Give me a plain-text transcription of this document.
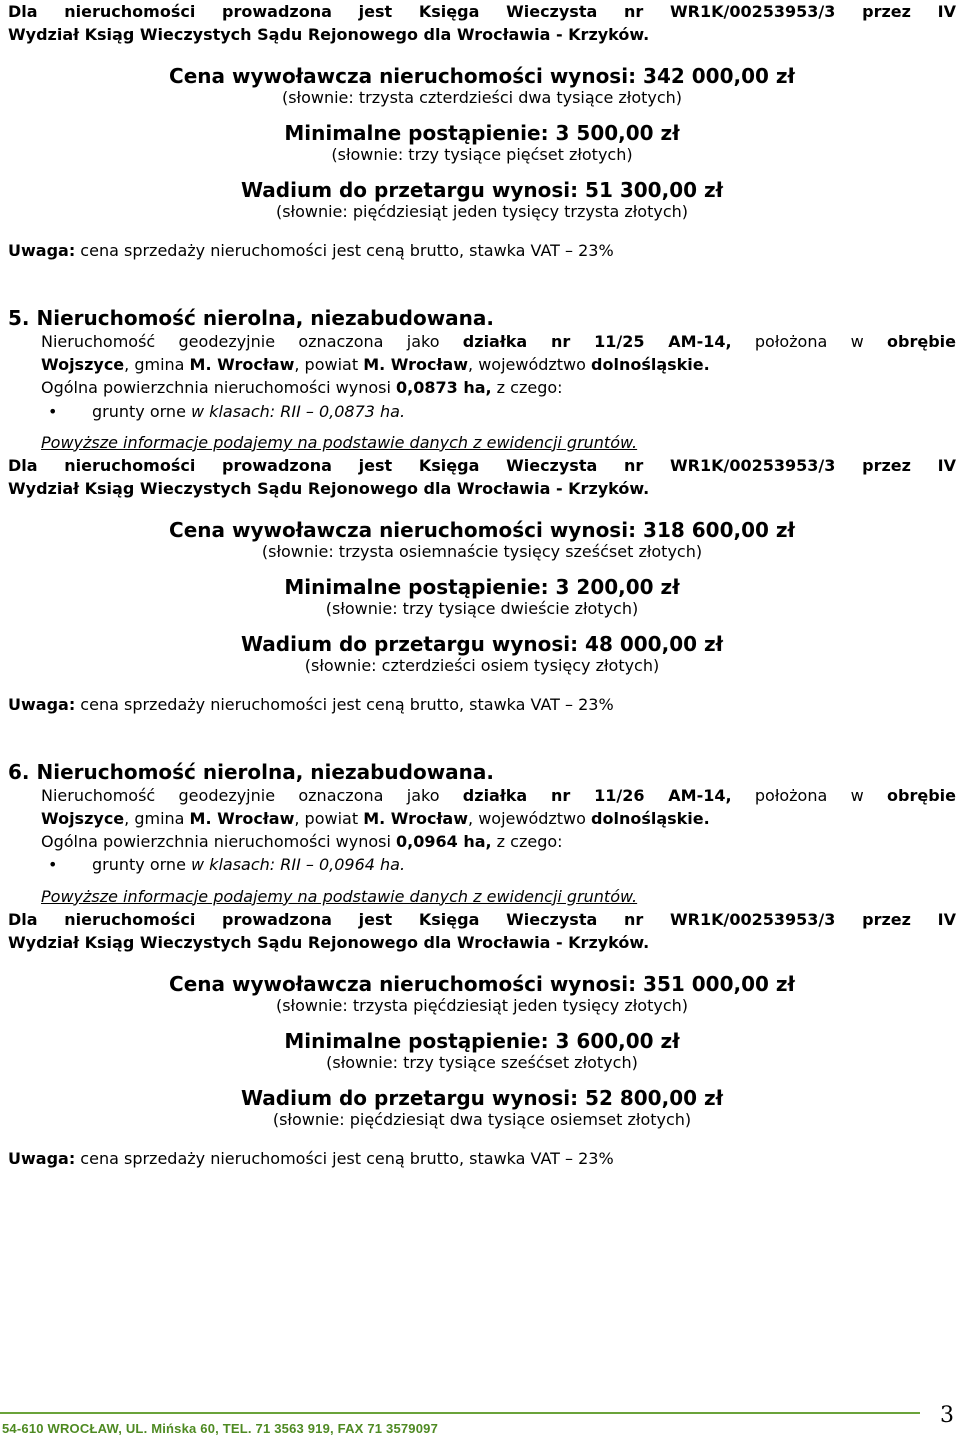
Dla nieruchomości prowadzona jest Księga Wieczysta nr WR1K/00253953/3 przez IV

Wydział Ksiąg Wieczystych Sądu Rejonowego dla Wrocławia - Krzyków.

Cena wywoławcza nieruchomości wynosi: 342 000,00 zł

(słownie: trzysta czterdzieści dwa tysiące złotych)

Minimalne postąpienie: 3 500,00 zł

(słownie: trzy tysiące pięćset złotych)

Wadium do przetargu wynosi: 51 300,00 zł

(słownie: pięćdziesiąt jeden tysięcy trzysta złotych)

Uwaga: cena sprzedaży nieruchomości jest ceną brutto, stawka VAT – 23%

5. Nieruchomość nierolna, niezabudowana.

Nieruchomość geodezyjnie oznaczona jako działka nr 11/25 AM-14, położona w obrębie

Wojszyce, gmina M. Wrocław, powiat M. Wrocław, województwo dolnośląskie.

Ogólna powierzchnia nieruchomości wynosi 0,0873 ha, z czego:

•	grunty orne w klasach: RII – 0,0873 ha.

Powyższe informacje podajemy na podstawie danych z ewidencji gruntów.

Dla nieruchomości prowadzona jest Księga Wieczysta nr WR1K/00253953/3 przez IV

Wydział Ksiąg Wieczystych Sądu Rejonowego dla Wrocławia - Krzyków.

Cena wywoławcza nieruchomości wynosi: 318 600,00 zł

(słownie: trzysta osiemnaście tysięcy sześćset złotych)

Minimalne postąpienie: 3 200,00 zł

(słownie: trzy tysiące dwieście złotych)

Wadium do przetargu wynosi: 48 000,00 zł

(słownie: czterdzieści osiem tysięcy złotych)

Uwaga: cena sprzedaży nieruchomości jest ceną brutto, stawka VAT – 23%

6. Nieruchomość nierolna, niezabudowana.

Nieruchomość geodezyjnie oznaczona jako działka nr 11/26 AM-14, położona w obrębie

Wojszyce, gmina M. Wrocław, powiat M. Wrocław, województwo dolnośląskie.

Ogólna powierzchnia nieruchomości wynosi 0,0964 ha, z czego:

•	grunty orne w klasach: RII – 0,0964 ha.

Powyższe informacje podajemy na podstawie danych z ewidencji gruntów.

Dla nieruchomości prowadzona jest Księga Wieczysta nr WR1K/00253953/3 przez IV

Wydział Ksiąg Wieczystych Sądu Rejonowego dla Wrocławia - Krzyków.

Cena wywoławcza nieruchomości wynosi: 351 000,00 zł

(słownie: trzysta pięćdziesiąt jeden tysięcy złotych)

Minimalne postąpienie: 3 600,00 zł

(słownie: trzy tysiące sześćset złotych)

Wadium do przetargu wynosi: 52 800,00 zł

(słownie: pięćdziesiąt dwa tysiące osiemset złotych)

Uwaga: cena sprzedaży nieruchomości jest ceną brutto, stawka VAT – 23%

54-610 WROCŁAW, UL. Mińska 60, TEL. 71 3563 919, FAX 71 3579097
3
